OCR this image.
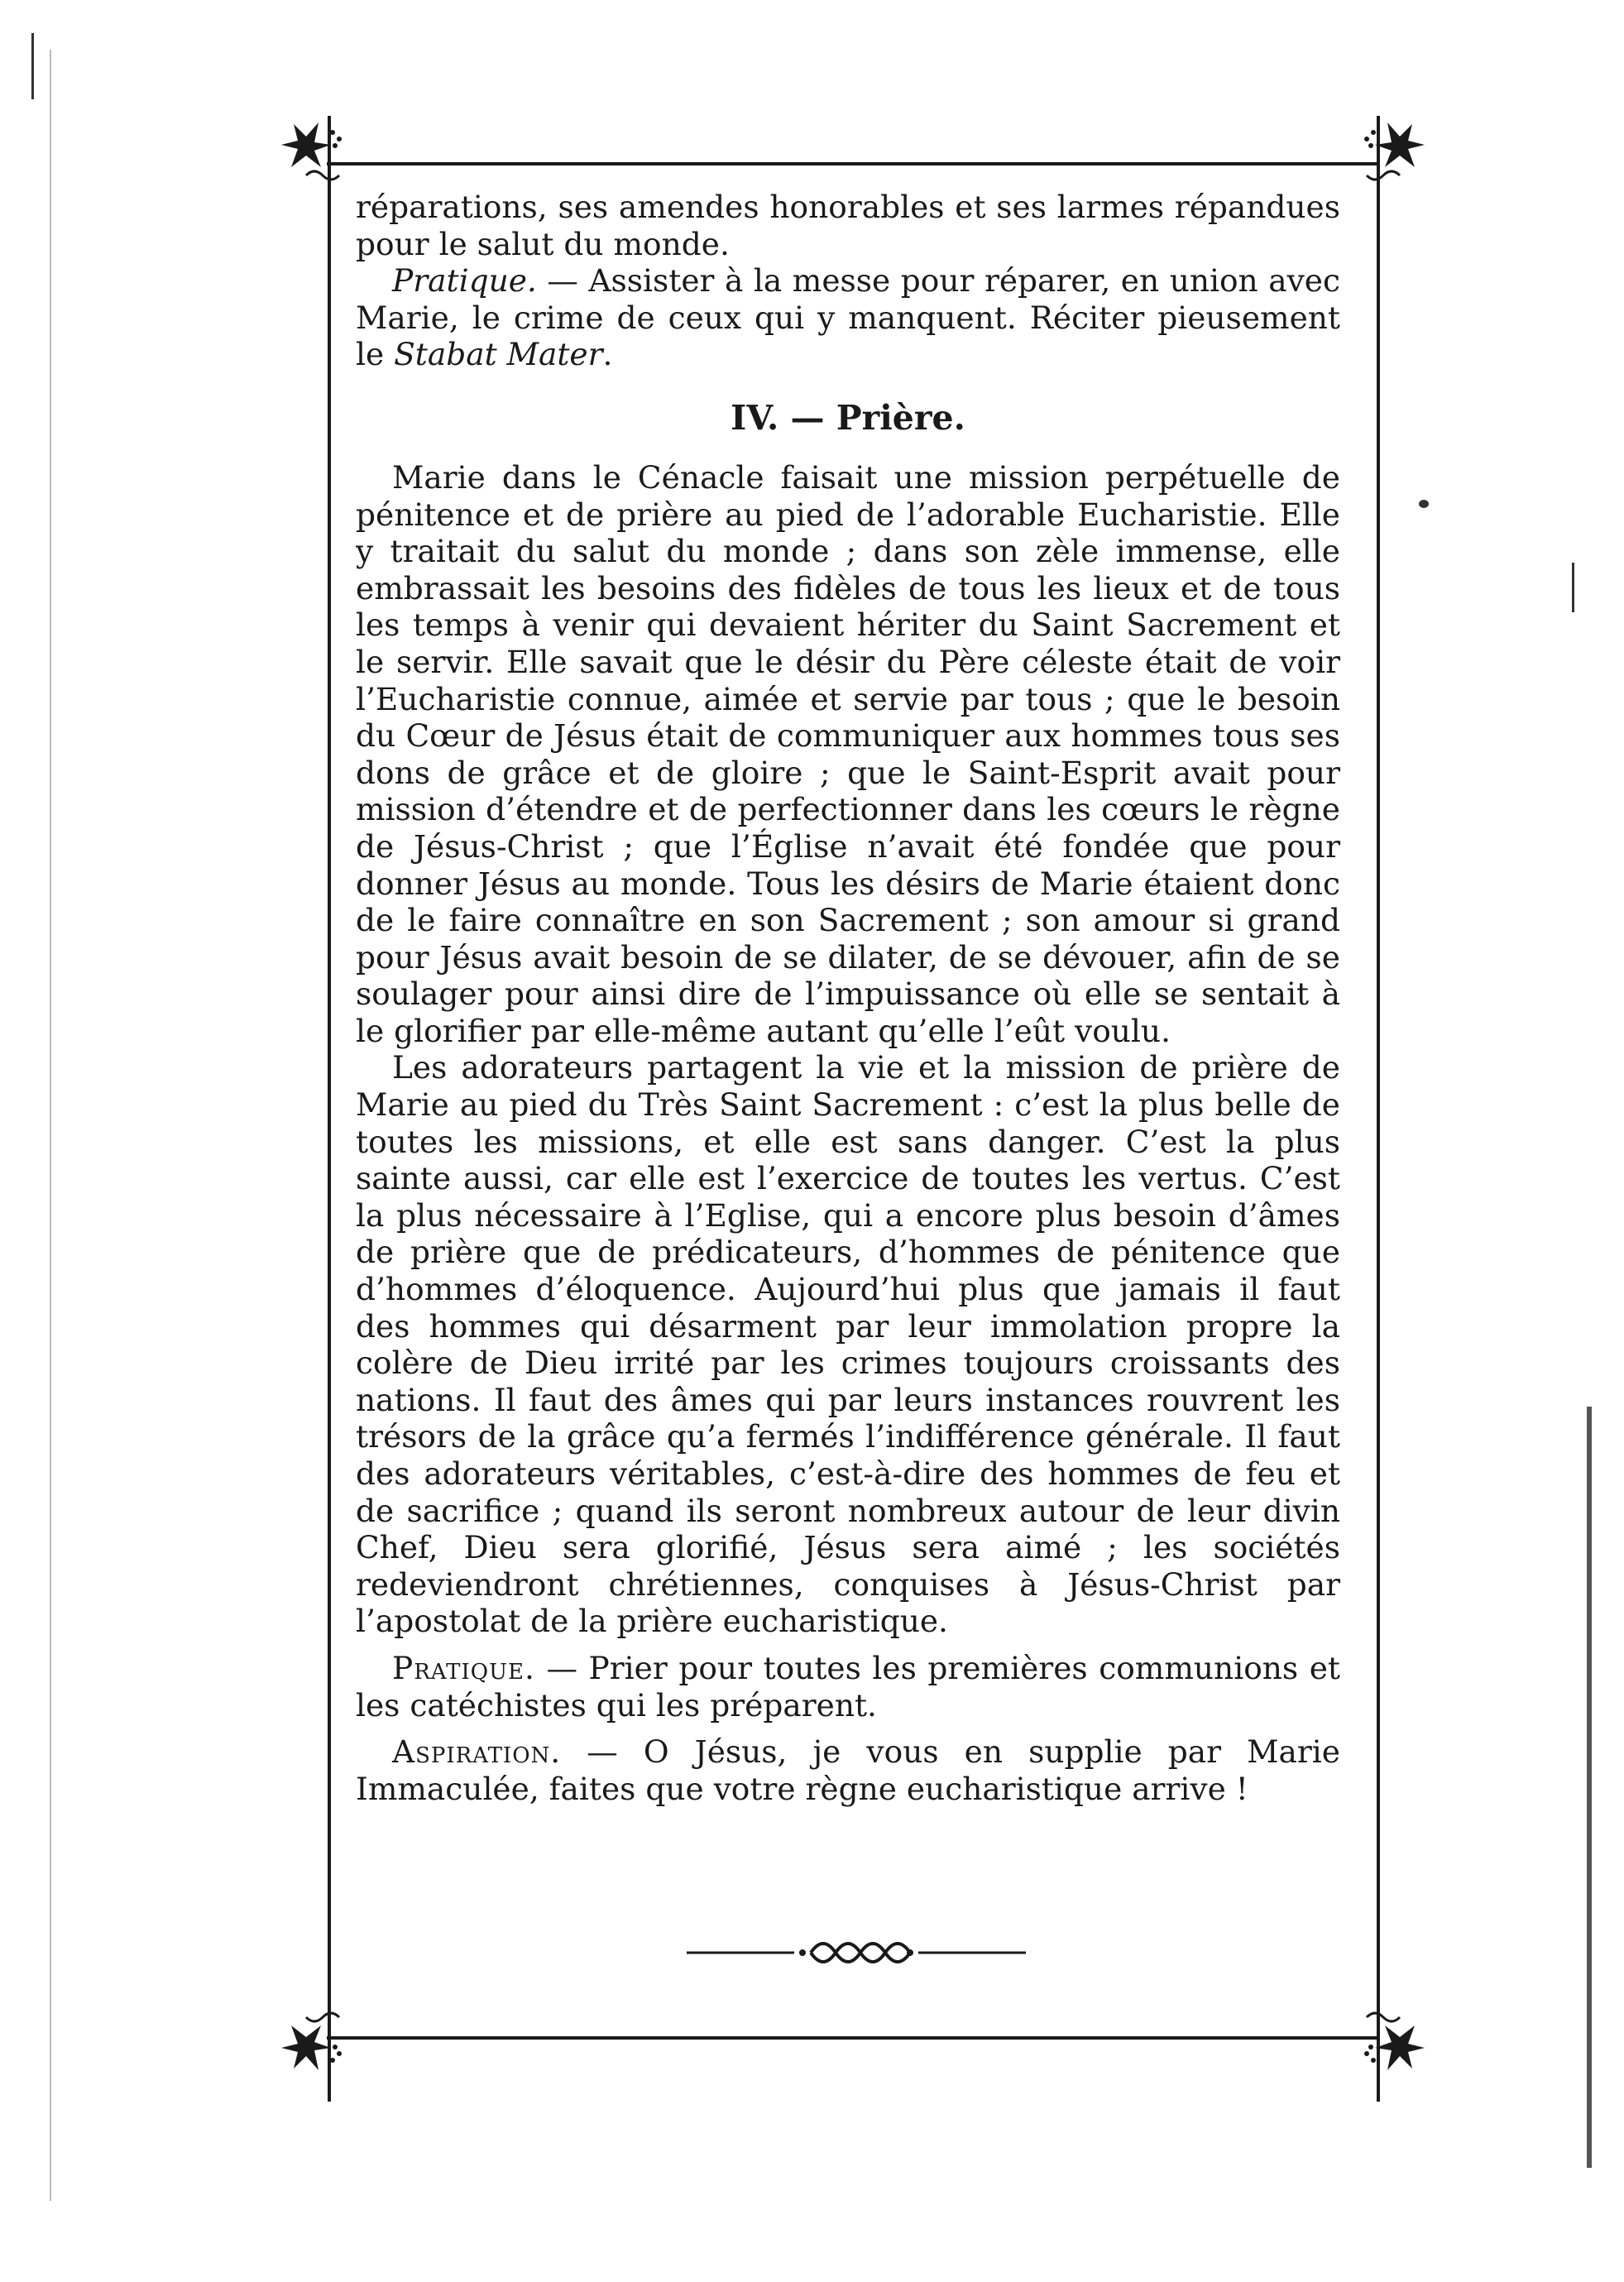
réparations, ses amendes honorables et ses larmes répandues pour le salut du monde.

Pratique. — Assister à la messe pour réparer, en union avec Marie, le crime de ceux qui y manquent. Réciter pieusement le Stabat Mater.

IV. — Prière.

Marie dans le Cénacle faisait une mission perpétuelle de pénitence et de prière au pied de l’adorable Eucharistie. Elle y traitait du salut du monde ; dans son zèle immense, elle embrassait les besoins des fidèles de tous les lieux et de tous les temps à venir qui devaient hériter du Saint Sacrement et le servir. Elle savait que le désir du Père céleste était de voir l’Eucharistie connue, aimée et servie par tous ; que le besoin du Cœur de Jésus était de communiquer aux hommes tous ses dons de grâce et de gloire ; que le Saint-Esprit avait pour mission d’étendre et de perfectionner dans les cœurs le règne de Jésus-Christ ; que l’Église n’avait été fondée que pour donner Jésus au monde. Tous les désirs de Marie étaient donc de le faire connaître en son Sacrement ; son amour si grand pour Jésus avait besoin de se dilater, de se dévouer, afin de se soulager pour ainsi dire de l’impuissance où elle se sentait à le glorifier par elle-même autant qu’elle l’eût voulu.

Les adorateurs partagent la vie et la mission de prière de Marie au pied du Très Saint Sacrement : c’est la plus belle de toutes les missions, et elle est sans danger. C’est la plus sainte aussi, car elle est l’exercice de toutes les vertus. C’est la plus nécessaire à l’Eglise, qui a encore plus besoin d’âmes de prière que de prédicateurs, d’hommes de pénitence que d’hommes d’éloquence. Aujourd’hui plus que jamais il faut des hommes qui désarment par leur immolation propre la colère de Dieu irrité par les crimes toujours croissants des nations. Il faut des âmes qui par leurs instances rouvrent les trésors de la grâce qu’a fermés l’indifférence générale. Il faut des adorateurs véritables, c’est-à-dire des hommes de feu et de sacrifice ; quand ils seront nombreux autour de leur divin Chef, Dieu sera glorifié, Jésus sera aimé ; les sociétés redeviendront chrétiennes, conquises à Jésus-Christ par l’apostolat de la prière eucharistique.

Pratique. — Prier pour toutes les premières communions et les catéchistes qui les préparent.

Aspiration. — O Jésus, je vous en supplie par Marie Immaculée, faites que votre règne eucharistique arrive !
